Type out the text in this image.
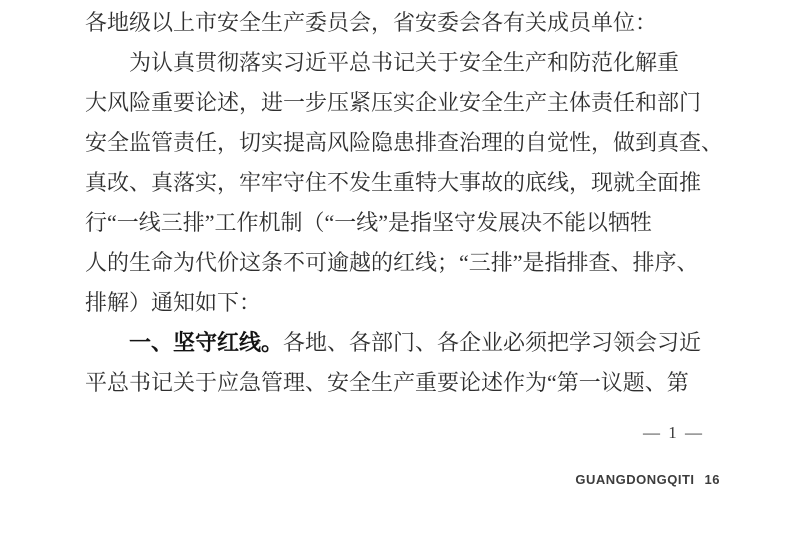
各地级以上市安全生产委员会，省安委会各有关成员单位：
为认真贯彻落实习近平总书记关于安全生产和防范化解重
大风险重要论述，进一步压紧压实企业安全生产主体责任和部门
安全监管责任，切实提高风险隐患排查治理的自觉性，做到真查、
真改、真落实，牢牢守住不发生重特大事故的底线，现就全面推
行“一线三排”工作机制（“一线”是指坚守发展决不能以牺牲
人的生命为代价这条不可逾越的红线；“三排”是指排查、排序、
排解）通知如下：
一、坚守红线。各地、各部门、各企业必须把学习领会习近
平总书记关于应急管理、安全生产重要论述作为“第一议题、第
— 1 —
GUANGDONGQITI 16
